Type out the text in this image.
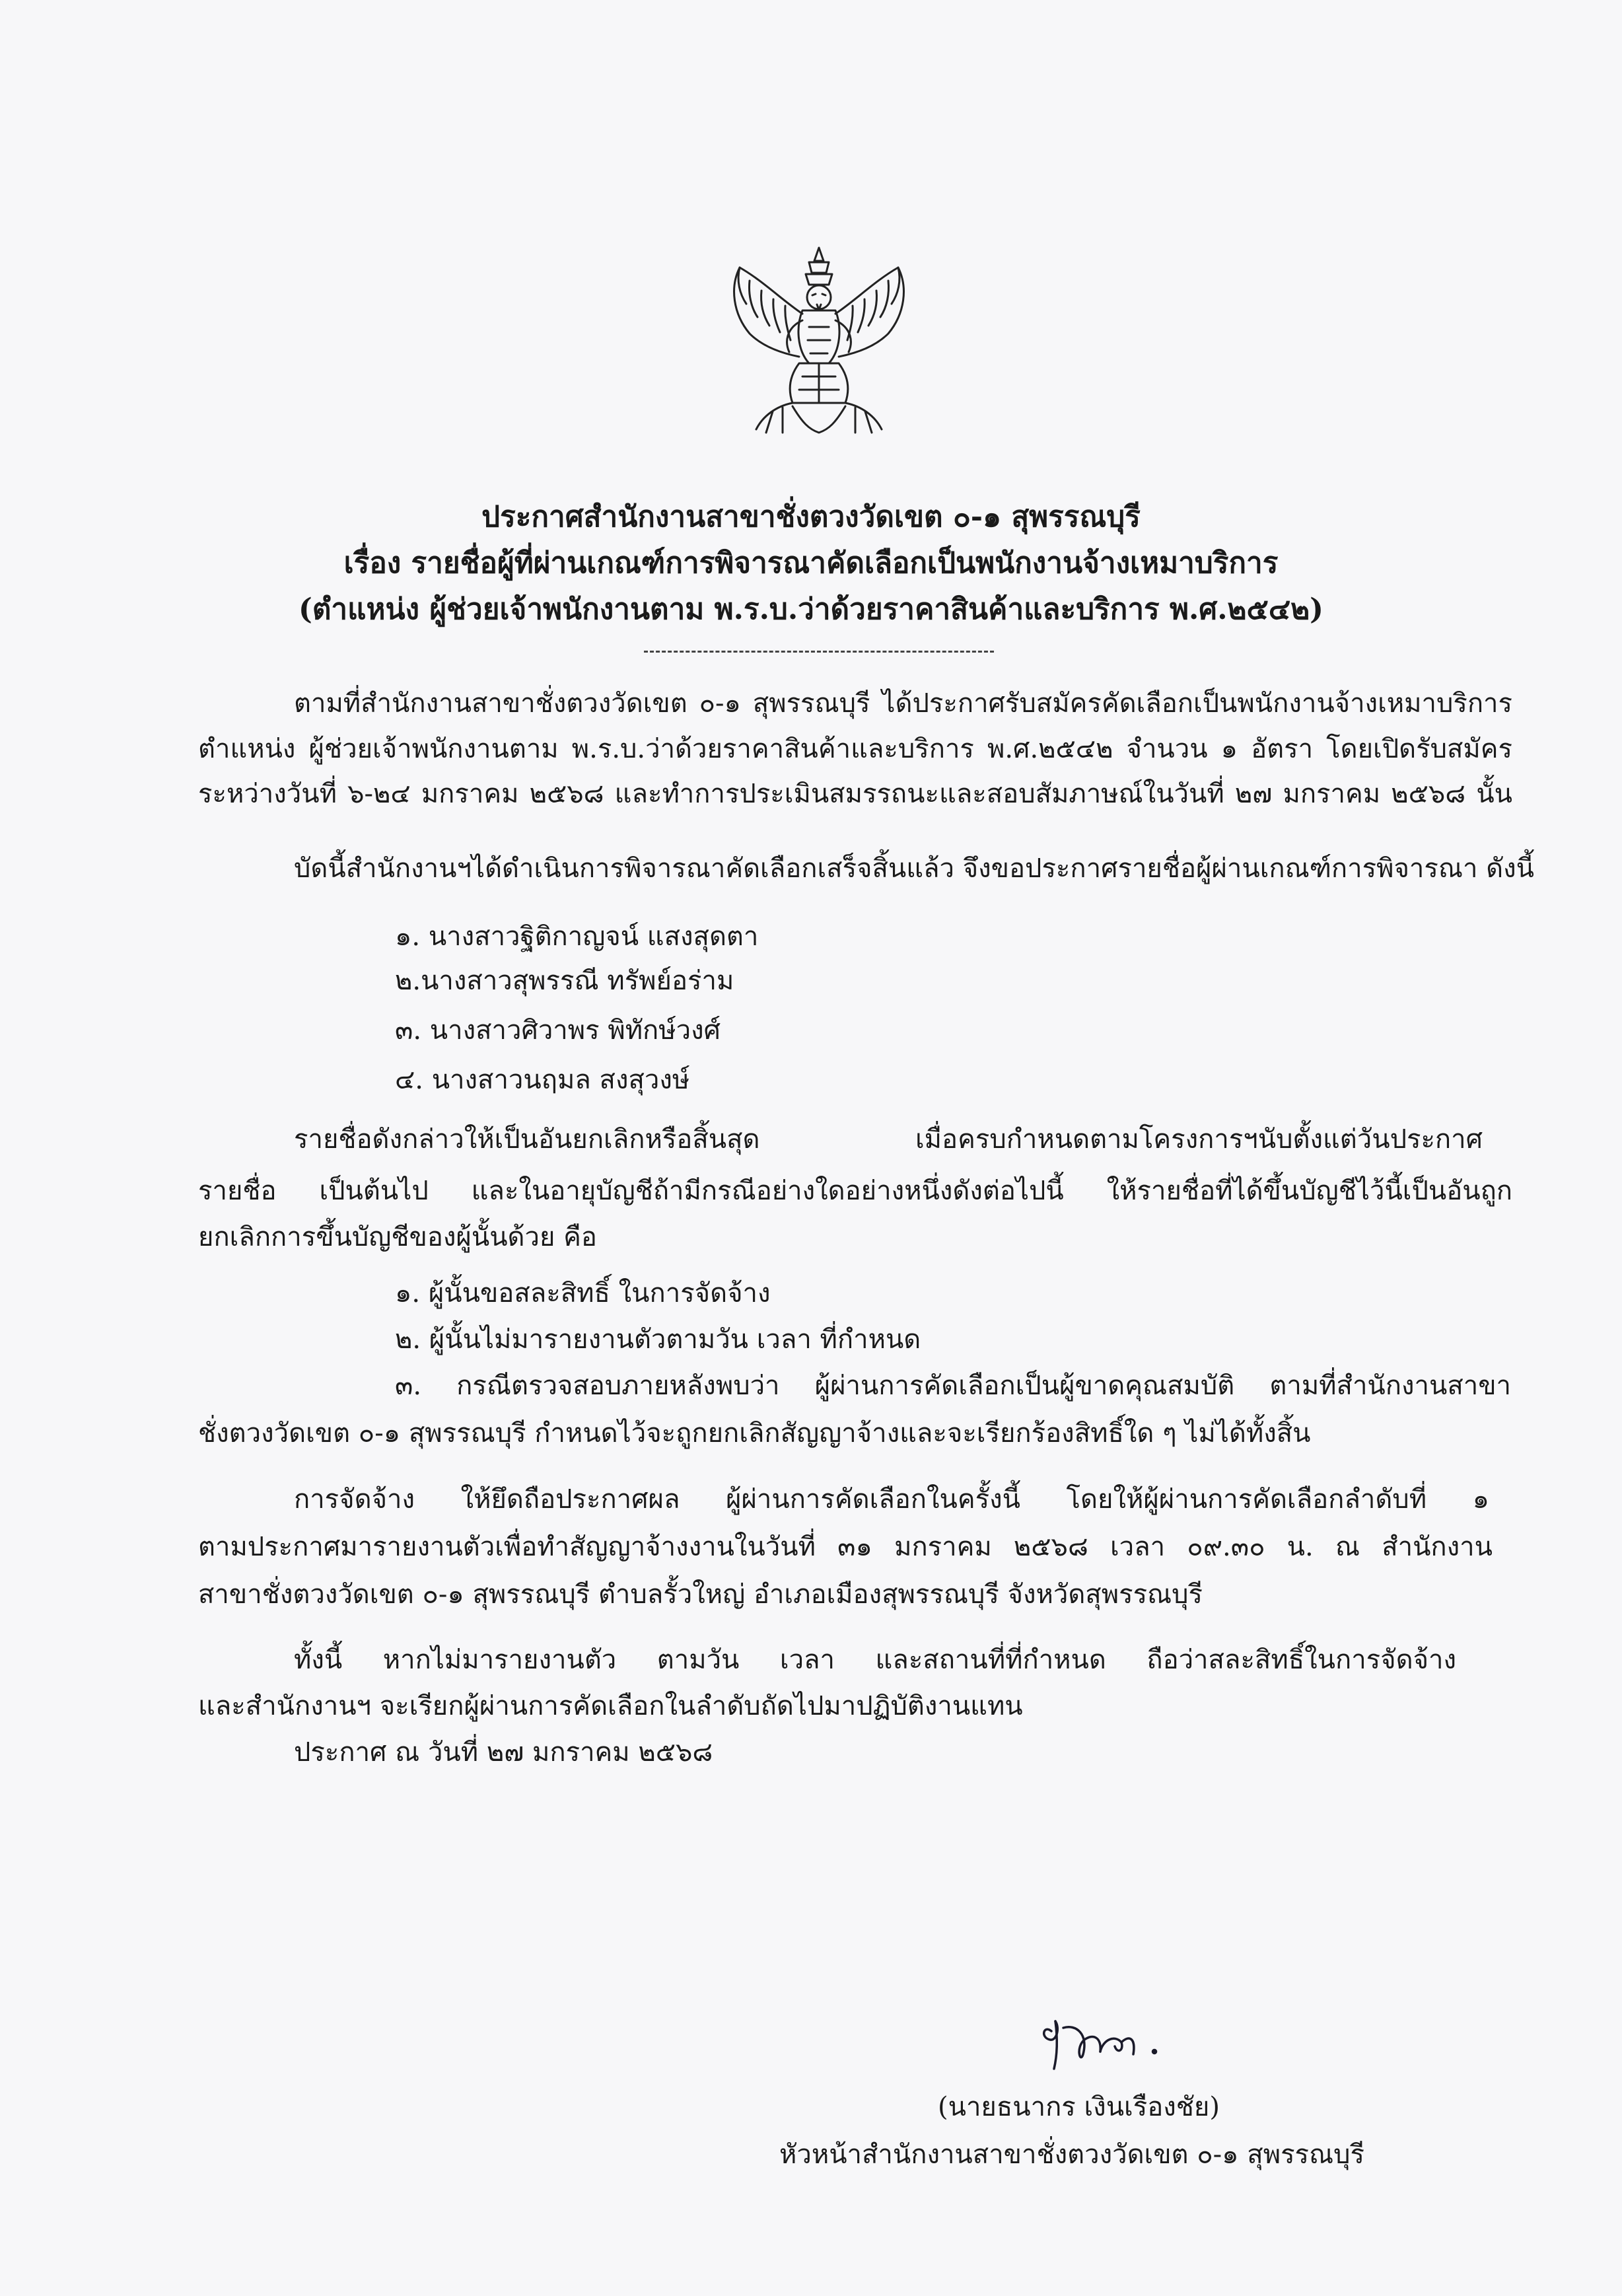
ประกาศสำนักงานสาขาชั่งตวงวัดเขต ๐-๑ สุพรรณบุรี
เรื่อง รายชื่อผู้ที่ผ่านเกณฑ์การพิจารณาคัดเลือกเป็นพนักงานจ้างเหมาบริการ
(ตำแหน่ง ผู้ช่วยเจ้าพนักงานตาม พ.ร.บ.ว่าด้วยราคาสินค้าและบริการ พ.ศ.๒๕๔๒)
ตามที่สำนักงานสาขาชั่งตวงวัดเขต ๐-๑ สุพรรณบุรี ได้ประกาศรับสมัครคัดเลือกเป็นพนักงานจ้างเหมาบริการ
ตำแหน่ง ผู้ช่วยเจ้าพนักงานตาม พ.ร.บ.ว่าด้วยราคาสินค้าและบริการ พ.ศ.๒๕๔๒ จำนวน ๑ อัตรา โดยเปิดรับสมัคร
ระหว่างวันที่ ๖-๒๔ มกราคม ๒๕๖๘ และทำการประเมินสมรรถนะและสอบสัมภาษณ์ในวันที่ ๒๗ มกราคม ๒๕๖๘ นั้น
บัดนี้สำนักงานฯได้ดำเนินการพิจารณาคัดเลือกเสร็จสิ้นแล้ว จึงขอประกาศรายชื่อผู้ผ่านเกณฑ์การพิจารณา ดังนี้
๑. นางสาวฐิติกาญจน์ แสงสุดตา
๒.นางสาวสุพรรณี ทรัพย์อร่าม
๓. นางสาวศิวาพร พิทักษ์วงศ์
๔. นางสาวนฤมล สงสุวงษ์
รายชื่อดังกล่าวให้เป็นอันยกเลิกหรือสิ้นสุด เมื่อครบกำหนดตามโครงการฯนับตั้งแต่วันประกาศ
รายชื่อ เป็นต้นไป และในอายุบัญชีถ้ามีกรณีอย่างใดอย่างหนึ่งดังต่อไปนี้ ให้รายชื่อที่ได้ขึ้นบัญชีไว้นี้เป็นอันถูก
ยกเลิกการขึ้นบัญชีของผู้นั้นด้วย คือ
๑. ผู้นั้นขอสละสิทธิ์ ในการจัดจ้าง
๒. ผู้นั้นไม่มารายงานตัวตามวัน เวลา ที่กำหนด
๓. กรณีตรวจสอบภายหลังพบว่า ผู้ผ่านการคัดเลือกเป็นผู้ขาดคุณสมบัติ ตามที่สำนักงานสาขา
ชั่งตวงวัดเขต ๐-๑ สุพรรณบุรี กำหนดไว้จะถูกยกเลิกสัญญาจ้างและจะเรียกร้องสิทธิ์ใด ๆ ไม่ได้ทั้งสิ้น
การจัดจ้าง ให้ยึดถือประกาศผล ผู้ผ่านการคัดเลือกในครั้งนี้ โดยให้ผู้ผ่านการคัดเลือกลำดับที่ ๑
ตามประกาศมารายงานตัวเพื่อทำสัญญาจ้างงานในวันที่ ๓๑ มกราคม ๒๕๖๘ เวลา ๐๙.๓๐ น. ณ สำนักงาน
สาขาชั่งตวงวัดเขต ๐-๑ สุพรรณบุรี ตำบลรั้วใหญ่ อำเภอเมืองสุพรรณบุรี จังหวัดสุพรรณบุรี
ทั้งนี้ หากไม่มารายงานตัว ตามวัน เวลา และสถานที่ที่กำหนด ถือว่าสละสิทธิ์ในการจัดจ้าง
และสำนักงานฯ จะเรียกผู้ผ่านการคัดเลือกในลำดับถัดไปมาปฏิบัติงานแทน
ประกาศ ณ วันที่ ๒๗ มกราคม ๒๕๖๘
(นายธนากร เงินเรืองชัย)
หัวหน้าสำนักงานสาขาชั่งตวงวัดเขต ๐-๑ สุพรรณบุรี
